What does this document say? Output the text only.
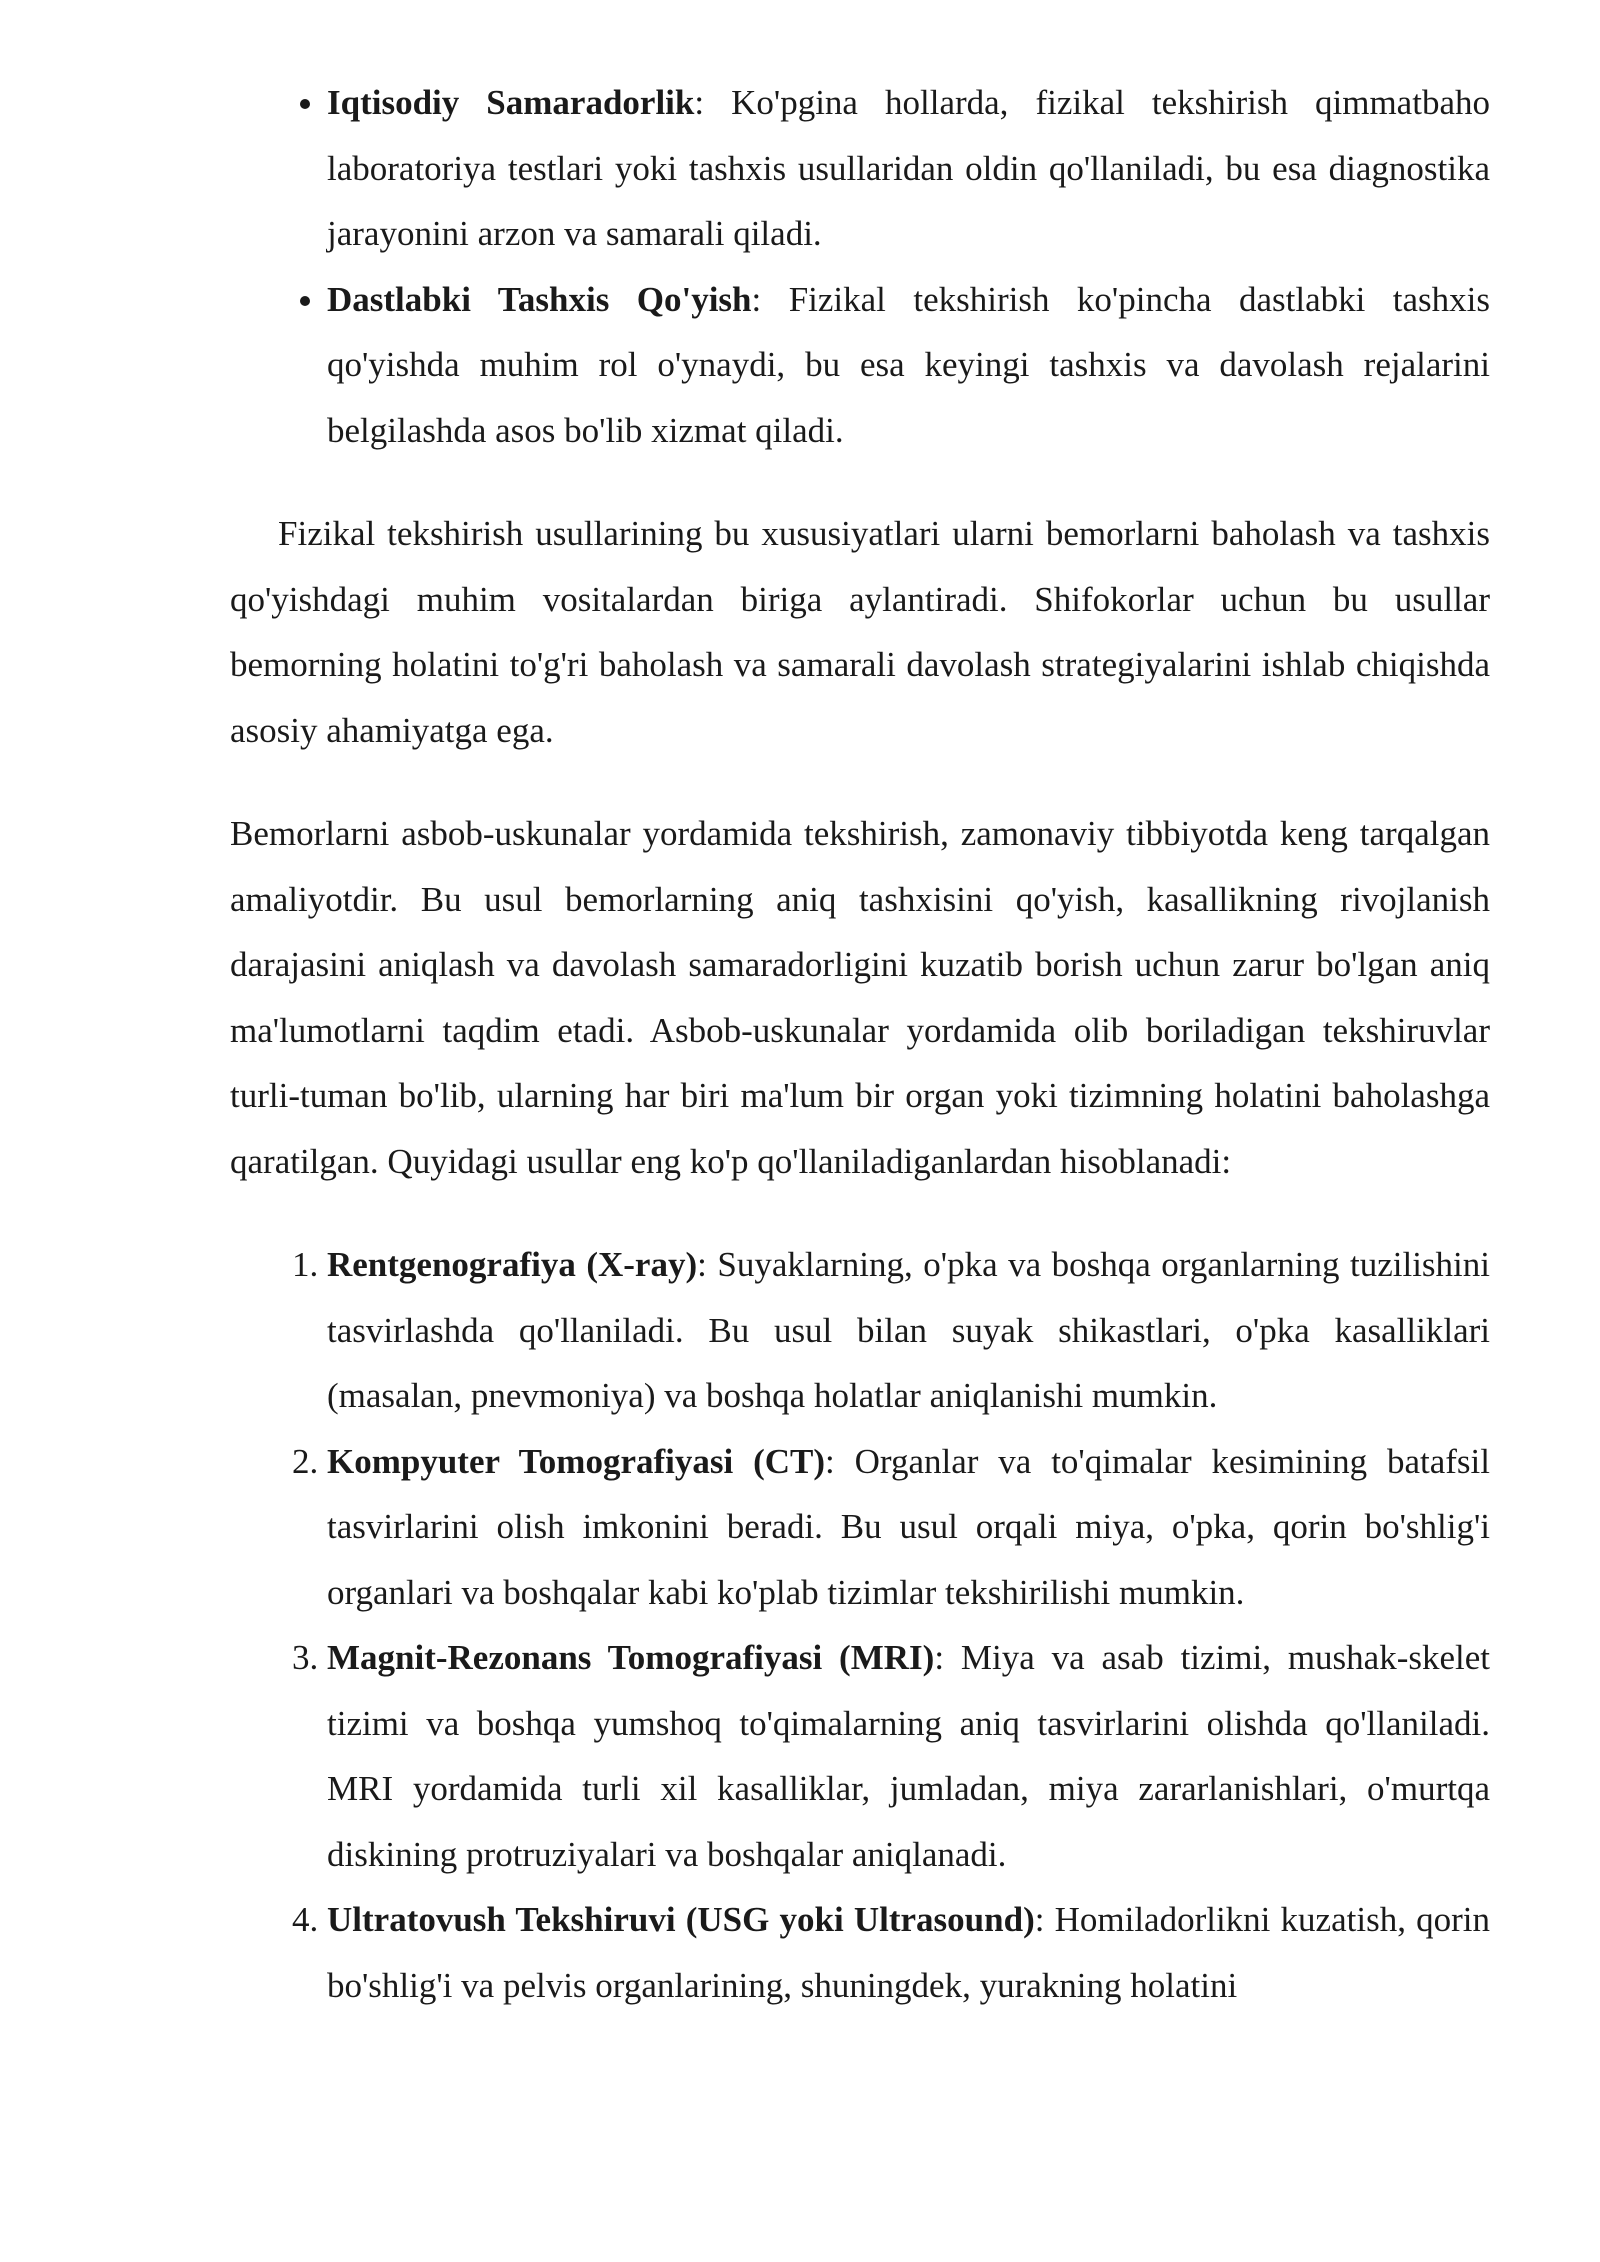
• Iqtisodiy Samaradorlik: Ko'pgina hollarda, fizikal tekshirish qimmatbaho laboratoriya testlari yoki tashxis usullaridan oldin qo'llaniladi, bu esa diagnostika jarayonini arzon va samarali qiladi.
• Dastlabki Tashxis Qo'yish: Fizikal tekshirish ko'pincha dastlabki tashxis qo'yishda muhim rol o'ynaydi, bu esa keyingi tashxis va davolash rejalarini belgilashda asos bo'lib xizmat qiladi.

Fizikal tekshirish usullarining bu xususiyatlari ularni bemorlarni baholash va tashxis qo'yishdagi muhim vositalardan biriga aylantiradi. Shifokorlar uchun bu usullar bemorning holatini to'g'ri baholash va samarali davolash strategiyalarini ishlab chiqishda asosiy ahamiyatga ega.

Bemorlarni asbob-uskunalar yordamida tekshirish, zamonaviy tibbiyotda keng tarqalgan amaliyotdir. Bu usul bemorlarning aniq tashxisini qo'yish, kasallikning rivojlanish darajasini aniqlash va davolash samaradorligini kuzatib borish uchun zarur bo'lgan aniq ma'lumotlarni taqdim etadi. Asbob-uskunalar yordamida olib boriladigan tekshiruvlar turli-tuman bo'lib, ularning har biri ma'lum bir organ yoki tizimning holatini baholashga qaratilgan. Quyidagi usullar eng ko'p qo'llaniladiganlardan hisoblanadi:

1. Rentgenografiya (X-ray): Suyaklarning, o'pka va boshqa organlarning tuzilishini tasvirlashda qo'llaniladi. Bu usul bilan suyak shikastlari, o'pka kasalliklari (masalan, pnevmoniya) va boshqa holatlar aniqlanishi mumkin.
2. Kompyuter Tomografiyasi (CT): Organlar va to'qimalar kesimining batafsil tasvirlarini olish imkonini beradi. Bu usul orqali miya, o'pka, qorin bo'shlig'i organlari va boshqalar kabi ko'plab tizimlar tekshirilishi mumkin.
3. Magnit-Rezonans Tomografiyasi (MRI): Miya va asab tizimi, mushak-skelet tizimi va boshqa yumshoq to'qimalarning aniq tasvirlarini olishda qo'llaniladi. MRI yordamida turli xil kasalliklar, jumladan, miya zararlanishlari, o'murtqa diskining protruziyalari va boshqalar aniqlanadi.
4. Ultratovush Tekshiruvi (USG yoki Ultrasound): Homiladorlikni kuzatish, qorin bo'shlig'i va pelvis organlarining, shuningdek, yurakning holatini
